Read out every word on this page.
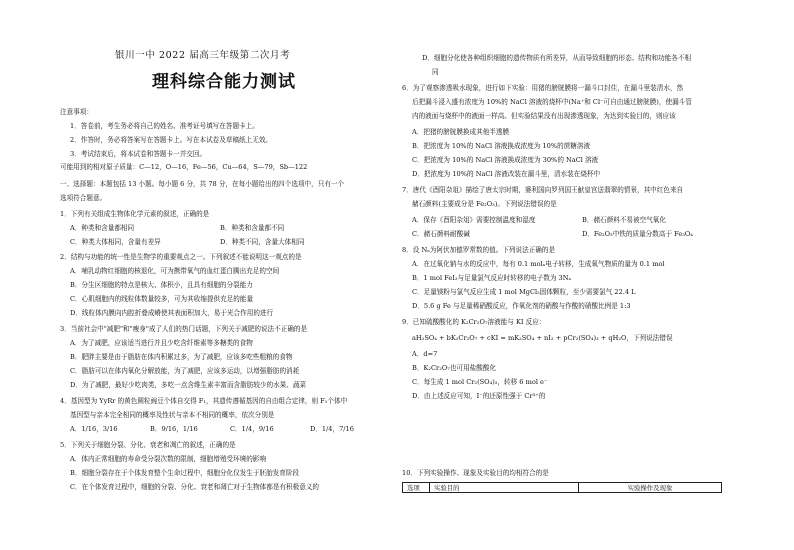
银川一中 2022 届高三年级第二次月考
理科综合能力测试
注意事项：
1．答卷前，考生务必将自己的姓名、准考证号填写在答题卡上。
2．作答时，务必将答案写在答题卡上。写在本试卷及草稿纸上无效。
3．考试结束后，将本试卷和答题卡一并交回。
可能用到的相对原子质量：C—12，O—16，Fe—56，Cu—64，S—79，Sb—122
一、选择题：本题包括 13 小题。每小题 6 分，共 78 分，在每小题给出的四个选项中，只有一个
选项符合题意。
1．下列有关组成生物体化学元素的叙述，正确的是
A．种类和含量都相同	B．种类和含量都不同
C．种类大体相同，含量有差异	D．种类不同，含量大体相同
2．结构与功能的统一性是生物学的重要观点之一。下列叙述不能说明这一观点的是
A．哺乳动物红细胞的核退化，可为携带氧气的血红蛋白腾出充足的空间
B．分生区细胞的特点是核大、体积小，且具有细胞的分裂能力
C．心肌细胞内的线粒体数量较多，可为其收缩提供充足的能量
D．线粒体内膜向内腔折叠成嵴使其表面积加大，易于光合作用的进行
3．当前社会中"减肥"和"瘦身"成了人们的热门话题，下列关于减肥的说法不正确的是
A．为了减肥，应该适当进行并且少吃含纤维素等多糖类的食物
B．肥胖主要是由于脂肪在体内积累过多，为了减肥，应该多吃些粗粮的食物
C．脂肪可以在体内氧化分解放能，为了减肥，应该多运动，以增强脂肪的消耗
D．为了减肥，最好少吃肉类，多吃一点含维生素丰富而含脂肪较少的水果、蔬菜
4．基因型为 YyRr 的黄色圆粒豌豆个体自交得 F₁，其遗传遵循基因的自由组合定律，则 F₁个体中
基因型与亲本完全相同的概率及性状与亲本不相同的概率，依次分别是
A．1/16，3/16	B．9/16，1/16	C．1/4，9/16	D．1/4，7/16
5．下列关于细胞分裂、分化、衰老和凋亡的叙述，正确的是
A．体内正常细胞的寿命受分裂次数的限制，细胞增殖受环境的影响
B．细胞分裂存在于个体发育整个生命过程中，细胞分化仅发生于胚胎发育阶段
C．在个体发育过程中，细胞的分裂、分化、衰老和凋亡对于生物体都是有积极意义的
D．细胞分化使各种组织细胞的遗传物质有所差异，从而导致细胞的形态、结构和功能各不相
同
6．为了观察渗透吸水现象，进行如下实验：用猪的膀胱膜将一漏斗口封住，在漏斗里装清水，然
后把漏斗浸入盛有浓度为 10%的 NaCl 溶液的烧杯中(Na⁺和 Cl⁻可自由通过膀胱膜)，使漏斗管
内的液面与烧杯中的液面一样高。但实验结果没有出现渗透现象，为达到实验目的，则应该
A．把猪的膀胱膜换成其他半透膜
B．把浓度为 10%的 NaCl 溶液换成浓度为 10%的蔗糖溶液
C．把浓度为 10%的 NaCl 溶液换成浓度为 30%的 NaCl 溶液
D．把浓度为 10%的 NaCl 溶液改装在漏斗里，清水装在烧杯中
7．唐代《酉阳杂俎》描绘了唐太宗时期，婆利国向罗列国王献皇宫送翡翠的情景，其中红色来自
赭石颜料(主要成分是 Fe₂O₃)。下列说法错误的是
A．保存《酉阳杂俎》需要控制温度和湿度	B．赭石颜料不易被空气氧化
C．赭石颜料耐酸碱	D．Fe₂O₃中铁的质量分数高于 Fe₃O₄
8．设 Nₐ为阿伏加德罗常数的值。下列说法正确的是
A．在过氧化钠与水的反应中，每有 0.1 molₐ电子转移，生成氧气物质的量为 0.1 mol
B．1 mol FeI₂与足量氯气反应时转移的电子数为 3Nₐ
C．足量镁粉与氯气反应生成 1 mol MgCl₂固体颗粒，至少需要氯气 22.4 L
D．5.6 g Fe 与足量稀硝酸反应，作氧化剂的硝酸与作酸的硝酸比例是 1:3
9．已知硫酸酸化的 K₂Cr₂O₇溶液能与 KI 反应：
aH₂SO₄ + bK₂Cr₂O₇ + cKI = mK₂SO₄ + nI₂ + pCr₂(SO₄)₃ + qH₂O，下列说法错误
A．d=7
B．K₂Cr₂O₇也可用盐酸酸化
C．每生成 1 mol Cr₂(SO₄)₃，转移 6 mol e⁻
D．由上述反应可知，I⁻的还原性强于 Cr³⁺的
10．下列实验操作、现象及实验目的均相符合的是
选项	实验目的	实验操作及现象
